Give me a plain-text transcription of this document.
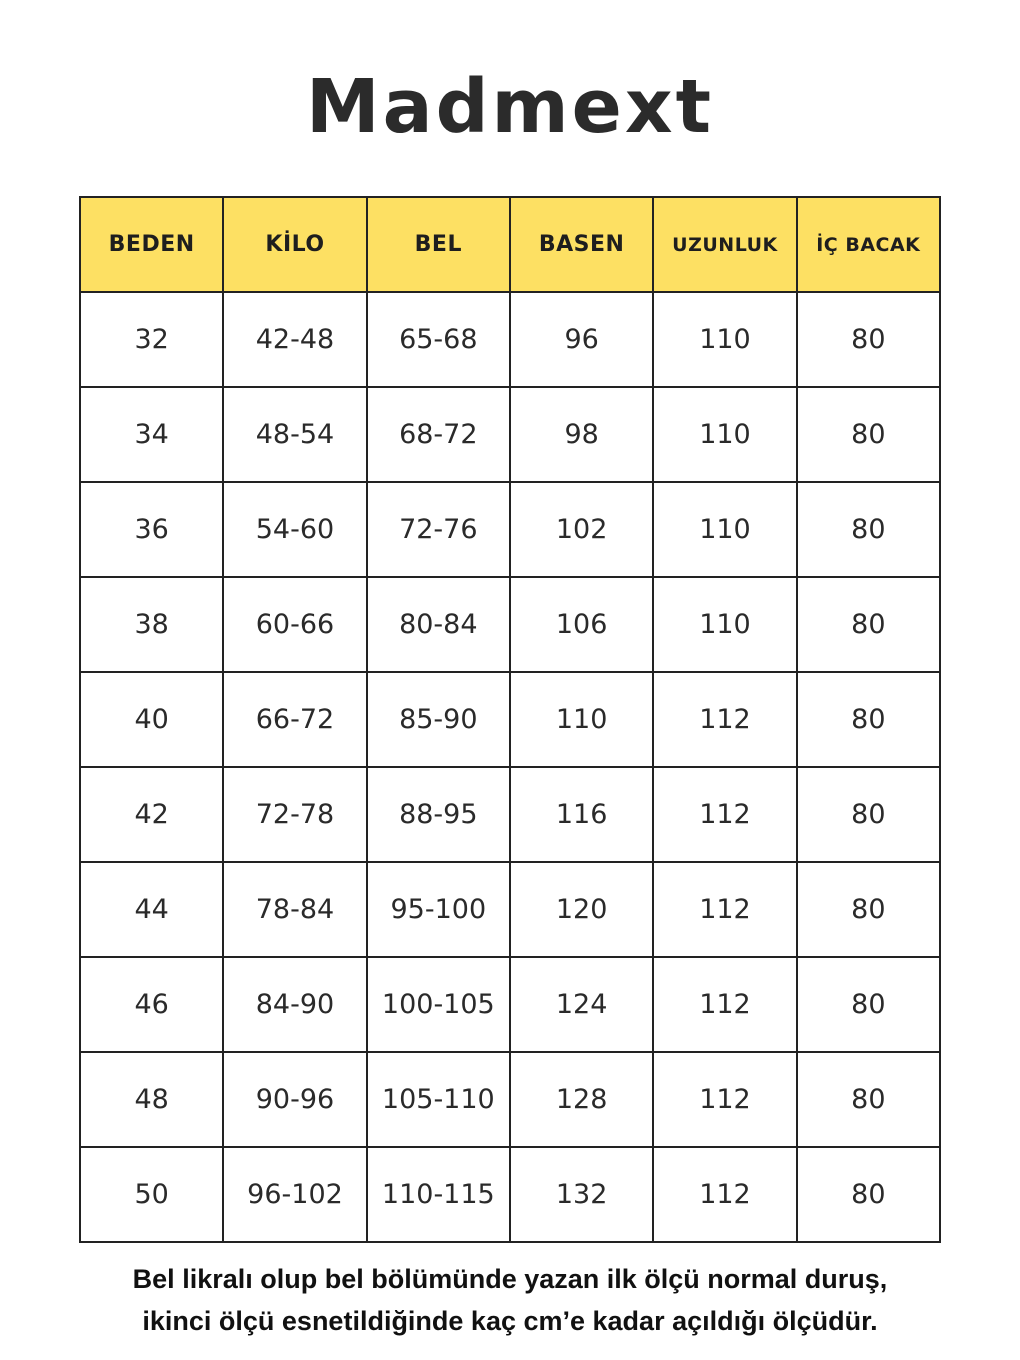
Madmext
BEDEN	KİLO	BEL	BASEN	UZUNLUK	İÇ BACAK
32	42-48	65-68	96	110	80
34	48-54	68-72	98	110	80
36	54-60	72-76	102	110	80
38	60-66	80-84	106	110	80
40	66-72	85-90	110	112	80
42	72-78	88-95	116	112	80
44	78-84	95-100	120	112	80
46	84-90	100-105	124	112	80
48	90-96	105-110	128	112	80
50	96-102	110-115	132	112	80
Bel likralı olup bel bölümünde yazan ilk ölçü normal duruş,
ikinci ölçü esnetildiğinde kaç cm’e kadar açıldığı ölçüdür.
